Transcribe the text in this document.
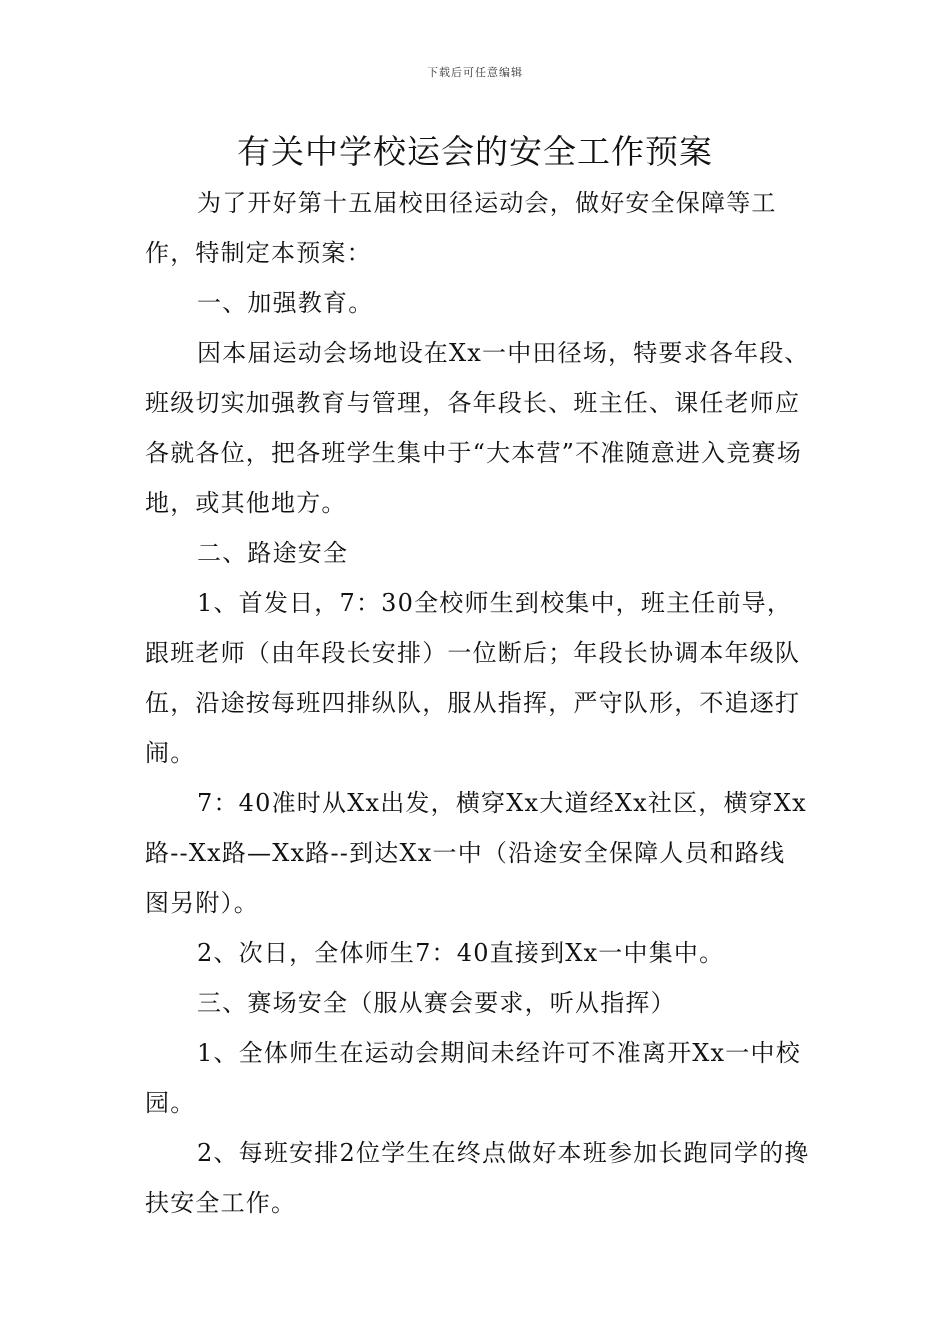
下载后可任意编辑
有关中学校运会的安全工作预案

为了开好第十五届校田径运动会，做好安全保障等工作，特制定本预案：

一、加强教育。

因本届运动会场地设在Xx一中田径场，特要求各年段、班级切实加强教育与管理，各年段长、班主任、课任老师应各就各位，把各班学生集中于“大本营”不准随意进入竞赛场地，或其他地方。

二、路途安全

1、首发日，7：30全校师生到校集中，班主任前导，跟班老师（由年段长安排）一位断后；年段长协调本年级队伍，沿途按每班四排纵队，服从指挥，严守队形，不追逐打闹。

7：40准时从Xx出发，横穿Xx大道经Xx社区，横穿Xx路--Xx路—Xx路--到达Xx一中（沿途安全保障人员和路线图另附）。

2、次日，全体师生7：40直接到Xx一中集中。

三、赛场安全（服从赛会要求，听从指挥）

1、全体师生在运动会期间未经许可不准离开Xx一中校园。

2、每班安排2位学生在终点做好本班参加长跑同学的搀扶安全工作。
